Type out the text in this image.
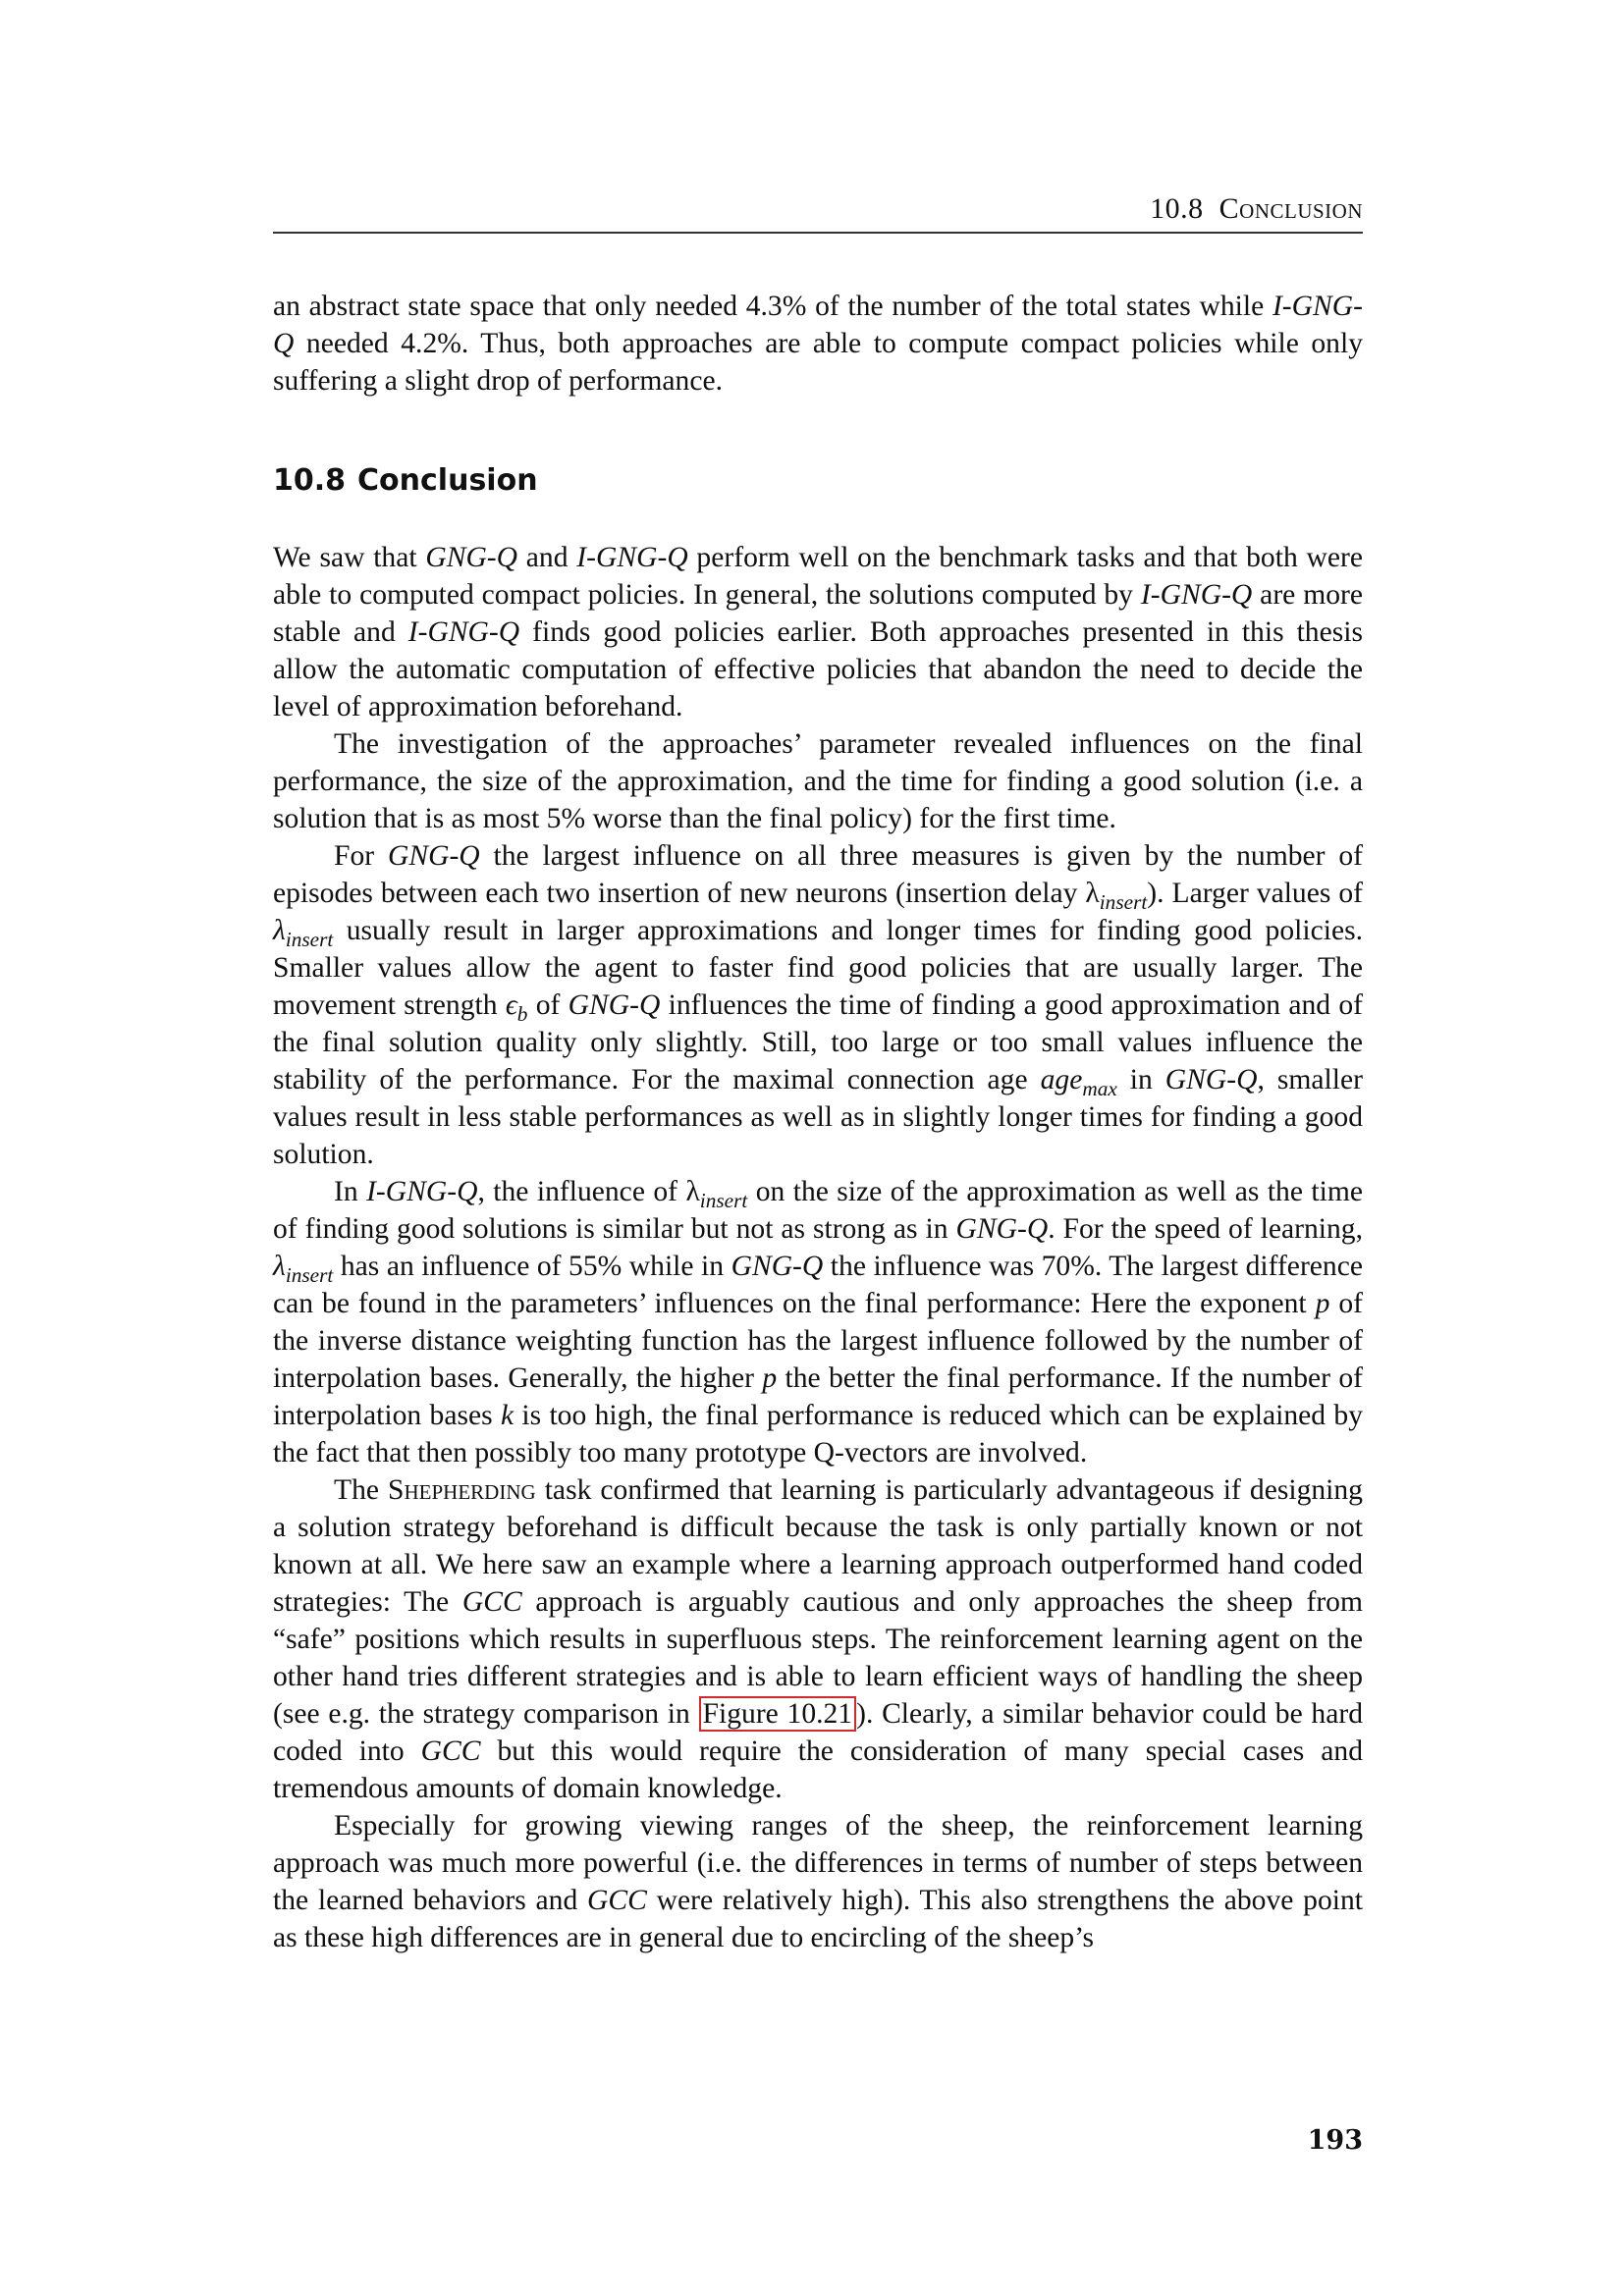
10.8 Conclusion

an abstract state space that only needed 4.3% of the number of the total states while I-GNG-Q needed 4.2%. Thus, both approaches are able to compute compact policies while only suffering a slight drop of performance.

10.8 Conclusion

We saw that GNG-Q and I-GNG-Q perform well on the benchmark tasks and that both were able to computed compact policies. In general, the solutions computed by I-GNG-Q are more stable and I-GNG-Q finds good policies earlier. Both approaches presented in this thesis allow the automatic computation of effective policies that abandon the need to decide the level of approximation beforehand.

The investigation of the approaches’ parameter revealed influences on the final performance, the size of the approximation, and the time for finding a good solution (i.e. a solution that is as most 5% worse than the final policy) for the first time.

For GNG-Q the largest influence on all three measures is given by the number of episodes between each two insertion of new neurons (insertion delay $\lambda_{insert}$). Larger values of $\lambda_{insert}$ usually result in larger approximations and longer times for finding good policies. Smaller values allow the agent to faster find good policies that are usually larger. The movement strength $\epsilon_b$ of GNG-Q influences the time of finding a good approximation and of the final solution quality only slightly. Still, too large or too small values influence the stability of the performance. For the maximal connection age age$_{max}$ in GNG-Q, smaller values result in less stable performances as well as in slightly longer times for finding a good solution.

In I-GNG-Q, the influence of $\lambda_{insert}$ on the size of the approximation as well as the time of finding good solutions is similar but not as strong as in GNG-Q. For the speed of learning, $\lambda_{insert}$ has an influence of 55% while in GNG-Q the influence was 70%. The largest difference can be found in the parameters’ influences on the final performance: Here the exponent p of the inverse distance weighting function has the largest influence followed by the number of interpolation bases. Generally, the higher p the better the final performance. If the number of interpolation bases k is too high, the final performance is reduced which can be explained by the fact that then possibly too many prototype Q-vectors are involved.

The Shepherding task confirmed that learning is particularly advantageous if designing a solution strategy beforehand is difficult because the task is only partially known or not known at all. We here saw an example where a learning approach outperformed hand coded strategies: The GCC approach is arguably cautious and only approaches the sheep from “safe” positions which results in superfluous steps. The reinforcement learning agent on the other hand tries different strategies and is able to learn efficient ways of handling the sheep (see e.g. the strategy comparison in Figure 10.21 ). Clearly, a similar behavior could be hard coded into GCC but this would require the consideration of many special cases and tremendous amounts of domain knowledge.

Especially for growing viewing ranges of the sheep, the reinforcement learning approach was much more powerful (i.e. the differences in terms of number of steps between the learned behaviors and GCC were relatively high). This also strengthens the above point as these high differences are in general due to encircling of the sheep’s

193
